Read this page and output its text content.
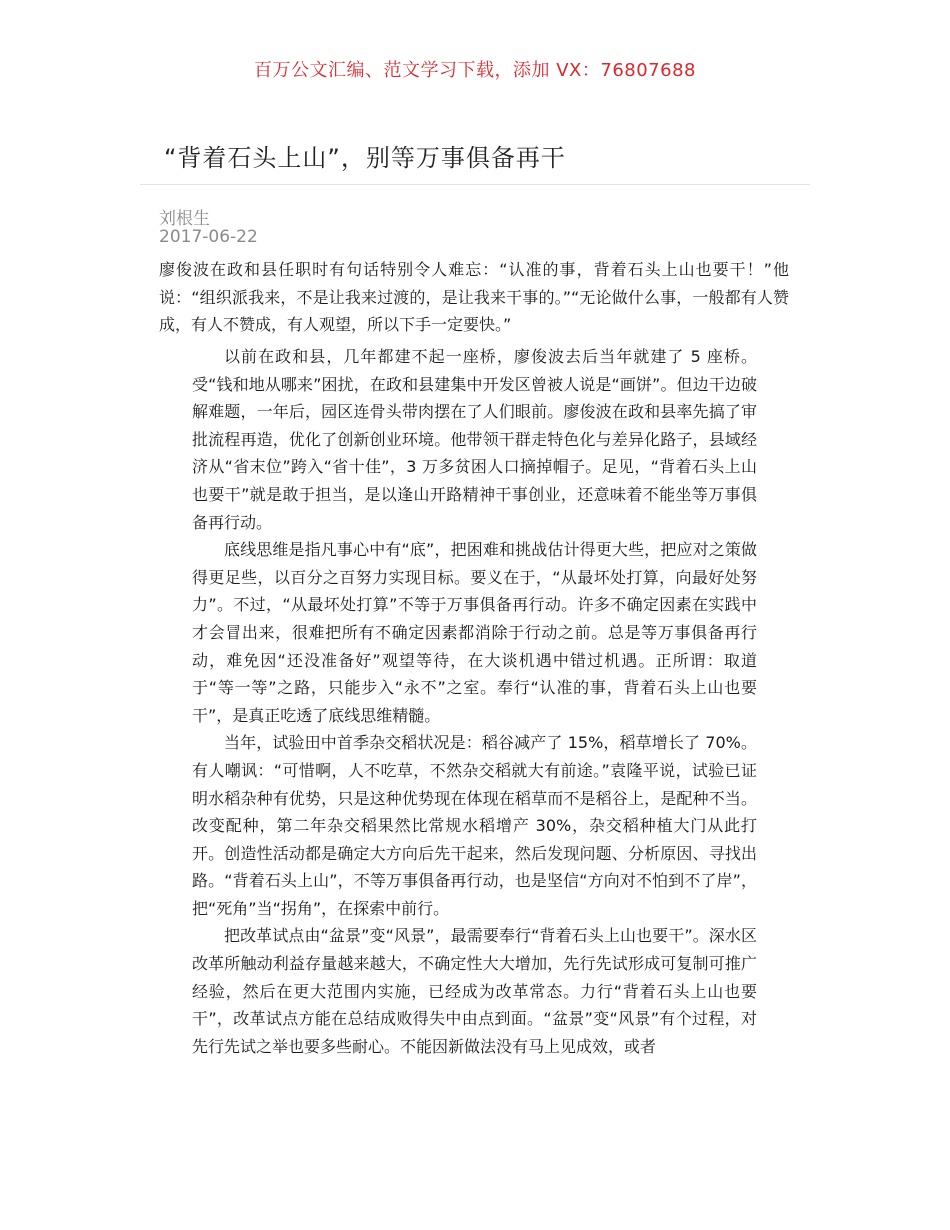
百万公文汇编、范文学习下载，添加 VX：76807688
“背着石头上山”，别等万事俱备再干
刘根生
2017-06-22

廖俊波在政和县任职时有句话特别令人难忘：“认准的事，背着石头上山也要干！”他说：“组织派我来，不是让我来过渡的，是让我来干事的。”“无论做什么事，一般都有人赞成，有人不赞成，有人观望，所以下手一定要快。”

以前在政和县，几年都建不起一座桥，廖俊波去后当年就建了 5 座桥。受“钱和地从哪来”困扰，在政和县建集中开发区曾被人说是“画饼”。但边干边破解难题，一年后，园区连骨头带肉摆在了人们眼前。廖俊波在政和县率先搞了审批流程再造，优化了创新创业环境。他带领干群走特色化与差异化路子，县域经济从“省末位”跨入“省十佳”，3 万多贫困人口摘掉帽子。足见，“背着石头上山也要干”就是敢于担当，是以逢山开路精神干事创业，还意味着不能坐等万事俱备再行动。

底线思维是指凡事心中有“底”，把困难和挑战估计得更大些，把应对之策做得更足些，以百分之百努力实现目标。要义在于，“从最坏处打算，向最好处努力”。不过，“从最坏处打算”不等于万事俱备再行动。许多不确定因素在实践中才会冒出来，很难把所有不确定因素都消除于行动之前。总是等万事俱备再行动，难免因“还没准备好”观望等待，在大谈机遇中错过机遇。正所谓：取道于“等一等”之路，只能步入“永不”之室。奉行“认准的事，背着石头上山也要干”，是真正吃透了底线思维精髓。

当年，试验田中首季杂交稻状况是：稻谷减产了 15%，稻草增长了 70%。有人嘲讽：“可惜啊，人不吃草，不然杂交稻就大有前途。”袁隆平说，试验已证明水稻杂种有优势，只是这种优势现在体现在稻草而不是稻谷上，是配种不当。改变配种，第二年杂交稻果然比常规水稻增产 30%，杂交稻种植大门从此打开。创造性活动都是确定大方向后先干起来，然后发现问题、分析原因、寻找出路。“背着石头上山”，不等万事俱备再行动，也是坚信“方向对不怕到不了岸”，把“死角”当“拐角”，在探索中前行。

把改革试点由“盆景”变“风景”，最需要奉行“背着石头上山也要干”。深水区改革所触动利益存量越来越大，不确定性大大增加，先行先试形成可复制可推广经验，然后在更大范围内实施，已经成为改革常态。力行“背着石头上山也要干”，改革试点方能在总结成败得失中由点到面。“盆景”变“风景”有个过程，对先行先试之举也要多些耐心。不能因新做法没有马上见成效，或者
